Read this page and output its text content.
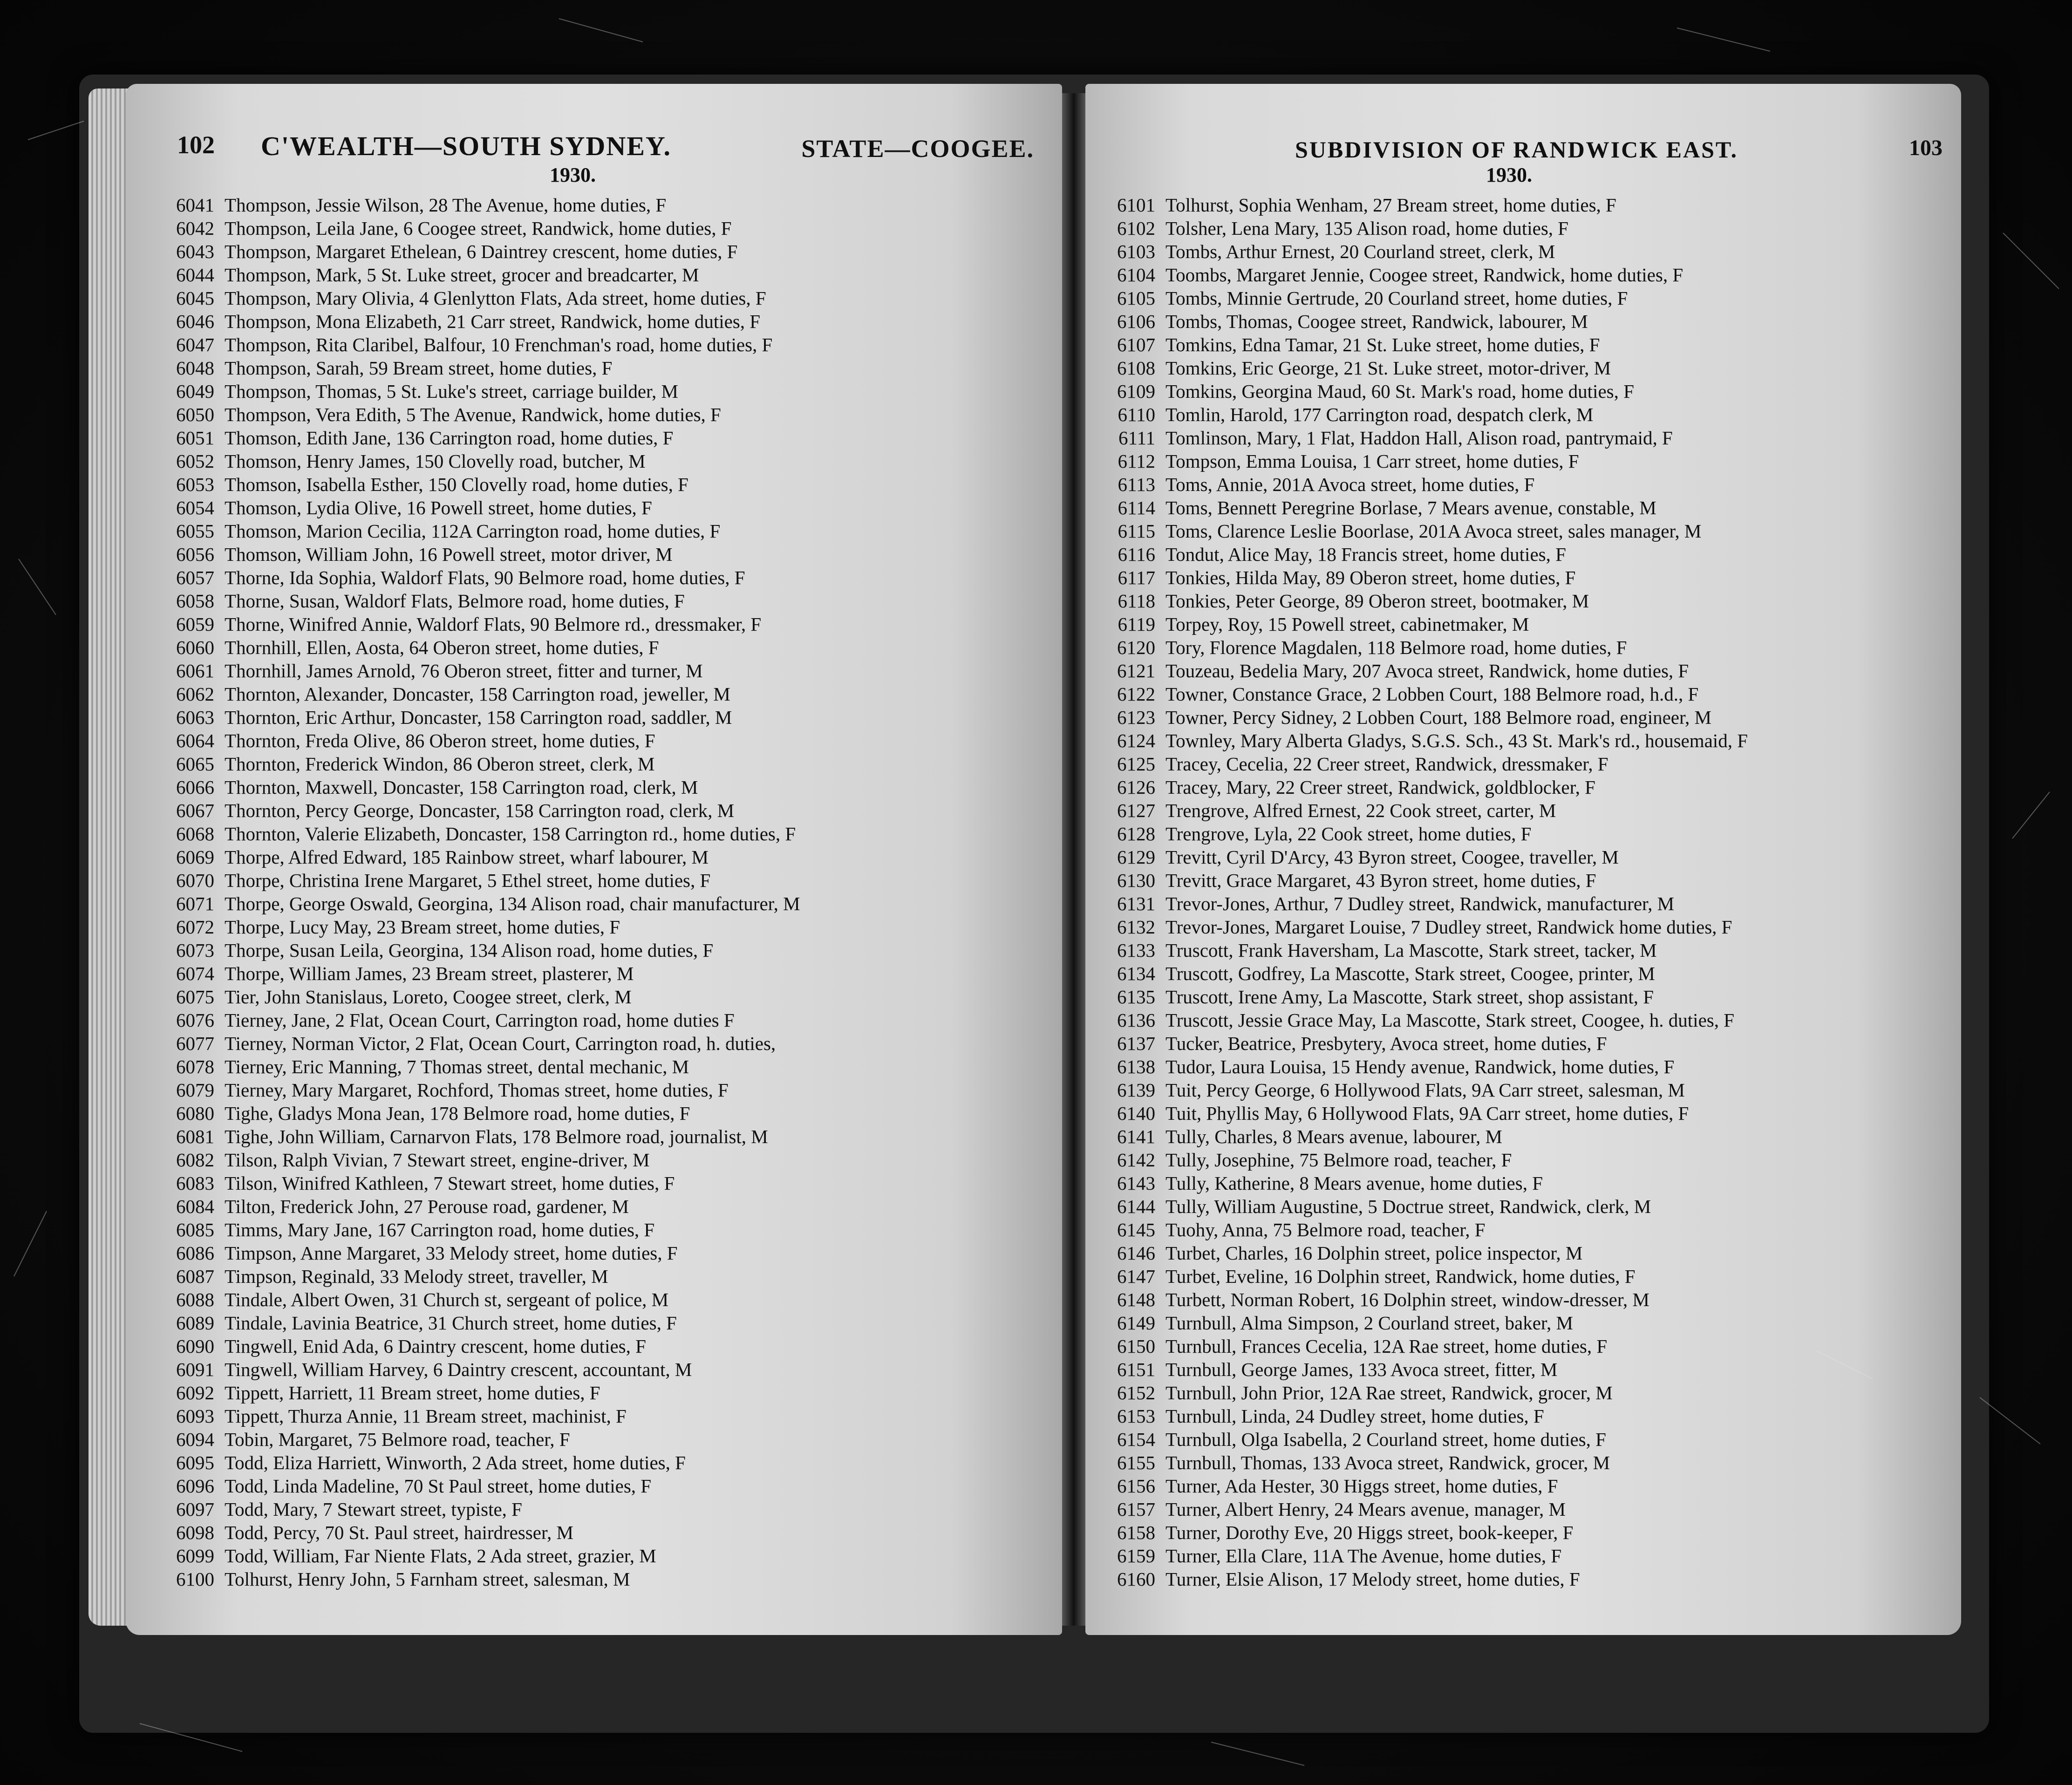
102 C'WEALTH—SOUTH SYDNEY.	STATE—COOGEE.
1930.
6041 Thompson, Jessie Wilson, 28 The Avenue, home duties, F
6042 Thompson, Leila Jane, 6 Coogee street, Randwick, home duties, F
6043 Thompson, Margaret Ethelean, 6 Daintrey crescent, home duties, F
6044 Thompson, Mark, 5 St. Luke street, grocer and breadcarter, M
6045 Thompson, Mary Olivia, 4 Glenlytton Flats, Ada street, home duties, F
6046 Thompson, Mona Elizabeth, 21 Carr street, Randwick, home duties, F
6047 Thompson, Rita Claribel, Balfour, 10 Frenchman's road, home duties, F
6048 Thompson, Sarah, 59 Bream street, home duties, F
6049 Thompson, Thomas, 5 St. Luke's street, carriage builder, M
6050 Thompson, Vera Edith, 5 The Avenue, Randwick, home duties, F
6051 Thomson, Edith Jane, 136 Carrington road, home duties, F
6052 Thomson, Henry James, 150 Clovelly road, butcher, M
6053 Thomson, Isabella Esther, 150 Clovelly road, home duties, F
6054 Thomson, Lydia Olive, 16 Powell street, home duties, F
6055 Thomson, Marion Cecilia, 112A Carrington road, home duties, F
6056 Thomson, William John, 16 Powell street, motor driver, M
6057 Thorne, Ida Sophia, Waldorf Flats, 90 Belmore road, home duties, F
6058 Thorne, Susan, Waldorf Flats, Belmore road, home duties, F
6059 Thorne, Winifred Annie, Waldorf Flats, 90 Belmore rd., dressmaker, F
6060 Thornhill, Ellen, Aosta, 64 Oberon street, home duties, F
6061 Thornhill, James Arnold, 76 Oberon street, fitter and turner, M
6062 Thornton, Alexander, Doncaster, 158 Carrington road, jeweller, M
6063 Thornton, Eric Arthur, Doncaster, 158 Carrington road, saddler, M
6064 Thornton, Freda Olive, 86 Oberon street, home duties, F
6065 Thornton, Frederick Windon, 86 Oberon street, clerk, M
6066 Thornton, Maxwell, Doncaster, 158 Carrington road, clerk, M
6067 Thornton, Percy George, Doncaster, 158 Carrington road, clerk, M
6068 Thornton, Valerie Elizabeth, Doncaster, 158 Carrington rd., home duties, F
6069 Thorpe, Alfred Edward, 185 Rainbow street, wharf labourer, M
6070 Thorpe, Christina Irene Margaret, 5 Ethel street, home duties, F
6071 Thorpe, George Oswald, Georgina, 134 Alison road, chair manufacturer, M
6072 Thorpe, Lucy May, 23 Bream street, home duties, F
6073 Thorpe, Susan Leila, Georgina, 134 Alison road, home duties, F
6074 Thorpe, William James, 23 Bream street, plasterer, M
6075 Tier, John Stanislaus, Loreto, Coogee street, clerk, M
6076 Tierney, Jane, 2 Flat, Ocean Court, Carrington road, home duties F
6077 Tierney, Norman Victor, 2 Flat, Ocean Court, Carrington road, h. duties,
6078 Tierney, Eric Manning, 7 Thomas street, dental mechanic, M
6079 Tierney, Mary Margaret, Rochford, Thomas street, home duties, F
6080 Tighe, Gladys Mona Jean, 178 Belmore road, home duties, F
6081 Tighe, John William, Carnarvon Flats, 178 Belmore road, journalist, M
6082 Tilson, Ralph Vivian, 7 Stewart street, engine-driver, M
6083 Tilson, Winifred Kathleen, 7 Stewart street, home duties, F
6084 Tilton, Frederick John, 27 Perouse road, gardener, M
6085 Timms, Mary Jane, 167 Carrington road, home duties, F
6086 Timpson, Anne Margaret, 33 Melody street, home duties, F
6087 Timpson, Reginald, 33 Melody street, traveller, M
6088 Tindale, Albert Owen, 31 Church st, sergeant of police, M
6089 Tindale, Lavinia Beatrice, 31 Church street, home duties, F
6090 Tingwell, Enid Ada, 6 Daintry crescent, home duties, F
6091 Tingwell, William Harvey, 6 Daintry crescent, accountant, M
6092 Tippett, Harriett, 11 Bream street, home duties, F
6093 Tippett, Thurza Annie, 11 Bream street, machinist, F
6094 Tobin, Margaret, 75 Belmore road, teacher, F
6095 Todd, Eliza Harriett, Winworth, 2 Ada street, home duties, F
6096 Todd, Linda Madeline, 70 St Paul street, home duties, F
6097 Todd, Mary, 7 Stewart street, typiste, F
6098 Todd, Percy, 70 St. Paul street, hairdresser, M
6099 Todd, William, Far Niente Flats, 2 Ada street, grazier, M
6100 Tolhurst, Henry John, 5 Farnham street, salesman, M
SUBDIVISION OF RANDWICK EAST.	103
1930.
6101 Tolhurst, Sophia Wenham, 27 Bream street, home duties, F
6102 Tolsher, Lena Mary, 135 Alison road, home duties, F
6103 Tombs, Arthur Ernest, 20 Courland street, clerk, M
6104 Toombs, Margaret Jennie, Coogee street, Randwick, home duties, F
6105 Tombs, Minnie Gertrude, 20 Courland street, home duties, F
6106 Tombs, Thomas, Coogee street, Randwick, labourer, M
6107 Tomkins, Edna Tamar, 21 St. Luke street, home duties, F
6108 Tomkins, Eric George, 21 St. Luke street, motor-driver, M
6109 Tomkins, Georgina Maud, 60 St. Mark's road, home duties, F
6110 Tomlin, Harold, 177 Carrington road, despatch clerk, M
6111 Tomlinson, Mary, 1 Flat, Haddon Hall, Alison road, pantrymaid, F
6112 Tompson, Emma Louisa, 1 Carr street, home duties, F
6113 Toms, Annie, 201A Avoca street, home duties, F
6114 Toms, Bennett Peregrine Borlase, 7 Mears avenue, constable, M
6115 Toms, Clarence Leslie Boorlase, 201A Avoca street, sales manager, M
6116 Tondut, Alice May, 18 Francis street, home duties, F
6117 Tonkies, Hilda May, 89 Oberon street, home duties, F
6118 Tonkies, Peter George, 89 Oberon street, bootmaker, M
6119 Torpey, Roy, 15 Powell street, cabinetmaker, M
6120 Tory, Florence Magdalen, 118 Belmore road, home duties, F
6121 Touzeau, Bedelia Mary, 207 Avoca street, Randwick, home duties, F
6122 Towner, Constance Grace, 2 Lobben Court, 188 Belmore road, h.d., F
6123 Towner, Percy Sidney, 2 Lobben Court, 188 Belmore road, engineer, M
6124 Townley, Mary Alberta Gladys, S.G.S. Sch., 43 St. Mark's rd., housemaid, F
6125 Tracey, Cecelia, 22 Creer street, Randwick, dressmaker, F
6126 Tracey, Mary, 22 Creer street, Randwick, goldblocker, F
6127 Trengrove, Alfred Ernest, 22 Cook street, carter, M
6128 Trengrove, Lyla, 22 Cook street, home duties, F
6129 Trevitt, Cyril D'Arcy, 43 Byron street, Coogee, traveller, M
6130 Trevitt, Grace Margaret, 43 Byron street, home duties, F
6131 Trevor-Jones, Arthur, 7 Dudley street, Randwick, manufacturer, M
6132 Trevor-Jones, Margaret Louise, 7 Dudley street, Randwick home duties, F
6133 Truscott, Frank Haversham, La Mascotte, Stark street, tacker, M
6134 Truscott, Godfrey, La Mascotte, Stark street, Coogee, printer, M
6135 Truscott, Irene Amy, La Mascotte, Stark street, shop assistant, F
6136 Truscott, Jessie Grace May, La Mascotte, Stark street, Coogee, h. duties, F
6137 Tucker, Beatrice, Presbytery, Avoca street, home duties, F
6138 Tudor, Laura Louisa, 15 Hendy avenue, Randwick, home duties, F
6139 Tuit, Percy George, 6 Hollywood Flats, 9A Carr street, salesman, M
6140 Tuit, Phyllis May, 6 Hollywood Flats, 9A Carr street, home duties, F
6141 Tully, Charles, 8 Mears avenue, labourer, M
6142 Tully, Josephine, 75 Belmore road, teacher, F
6143 Tully, Katherine, 8 Mears avenue, home duties, F
6144 Tully, William Augustine, 5 Doctrue street, Randwick, clerk, M
6145 Tuohy, Anna, 75 Belmore road, teacher, F
6146 Turbet, Charles, 16 Dolphin street, police inspector, M
6147 Turbet, Eveline, 16 Dolphin street, Randwick, home duties, F
6148 Turbett, Norman Robert, 16 Dolphin street, window-dresser, M
6149 Turnbull, Alma Simpson, 2 Courland street, baker, M
6150 Turnbull, Frances Cecelia, 12A Rae street, home duties, F
6151 Turnbull, George James, 133 Avoca street, fitter, M
6152 Turnbull, John Prior, 12A Rae street, Randwick, grocer, M
6153 Turnbull, Linda, 24 Dudley street, home duties, F
6154 Turnbull, Olga Isabella, 2 Courland street, home duties, F
6155 Turnbull, Thomas, 133 Avoca street, Randwick, grocer, M
6156 Turner, Ada Hester, 30 Higgs street, home duties, F
6157 Turner, Albert Henry, 24 Mears avenue, manager, M
6158 Turner, Dorothy Eve, 20 Higgs street, book-keeper, F
6159 Turner, Ella Clare, 11A The Avenue, home duties, F
6160 Turner, Elsie Alison, 17 Melody street, home duties, F
